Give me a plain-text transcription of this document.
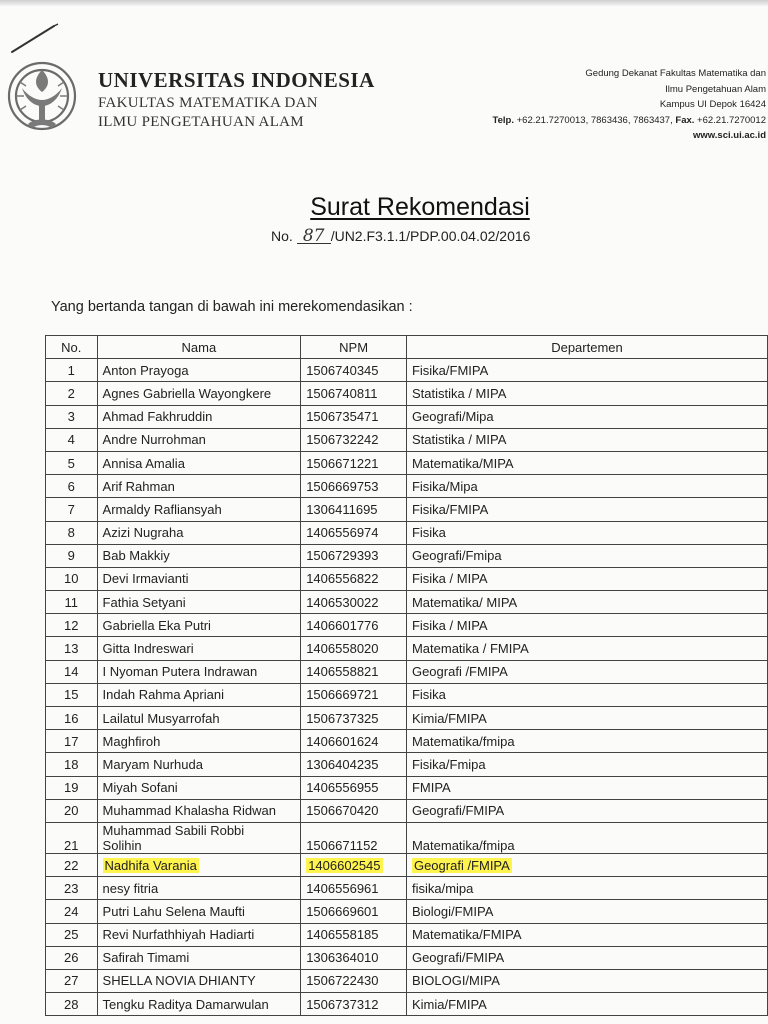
UNIVERSITAS INDONESIA
FAKULTAS MATEMATIKA DAN
ILMU PENGETAHUAN ALAM
Gedung Dekanat Fakultas Matematika dan
Ilmu Pengetahuan Alam
Kampus UI Depok 16424
Telp. +62.21.7270013, 7863436, 7863437, Fax. +62.21.7270012
www.sci.ui.ac.id
Surat Rekomendasi
No. 87 /UN2.F3.1.1/PDP.00.04.02/2016
Yang bertanda tangan di bawah ini merekomendasikan :
No.	Nama	NPM	Departemen
1	Anton Prayoga	1506740345	Fisika/FMIPA
2	Agnes Gabriella Wayongkere	1506740811	Statistika / MIPA
3	Ahmad Fakhruddin	1506735471	Geografi/Mipa
4	Andre Nurrohman	1506732242	Statistika / MIPA
5	Annisa Amalia	1506671221	Matematika/MIPA
6	Arif Rahman	1506669753	Fisika/Mipa
7	Armaldy Rafliansyah	1306411695	Fisika/FMIPA
8	Azizi Nugraha	1406556974	Fisika
9	Bab Makkiy	1506729393	Geografi/Fmipa
10	Devi Irmavianti	1406556822	Fisika / MIPA
11	Fathia Setyani	1406530022	Matematika/ MIPA
12	Gabriella Eka Putri	1406601776	Fisika / MIPA
13	Gitta Indreswari	1406558020	Matematika / FMIPA
14	I Nyoman Putera Indrawan	1406558821	Geografi /FMIPA
15	Indah Rahma Apriani	1506669721	Fisika
16	Lailatul Musyarrofah	1506737325	Kimia/FMIPA
17	Maghfiroh	1406601624	Matematika/fmipa
18	Maryam Nurhuda	1306404235	Fisika/Fmipa
19	Miyah Sofani	1406556955	FMIPA
20	Muhammad Khalasha Ridwan	1506670420	Geografi/FMIPA
21	Muhammad Sabili Robbi
Solihin	1506671152	Matematika/fmipa
22	Nadhifa Varania	1406602545	Geografi /FMIPA
23	nesy fitria	1406556961	fisika/mipa
24	Putri Lahu Selena Maufti	1506669601	Biologi/FMIPA
25	Revi Nurfathhiyah Hadiarti	1406558185	Matematika/FMIPA
26	Safirah Timami	1306364010	Geografi/FMIPA
27	SHELLA NOVIA DHIANTY	1506722430	BIOLOGI/MIPA
28	Tengku Raditya Damarwulan	1506737312	Kimia/FMIPA
